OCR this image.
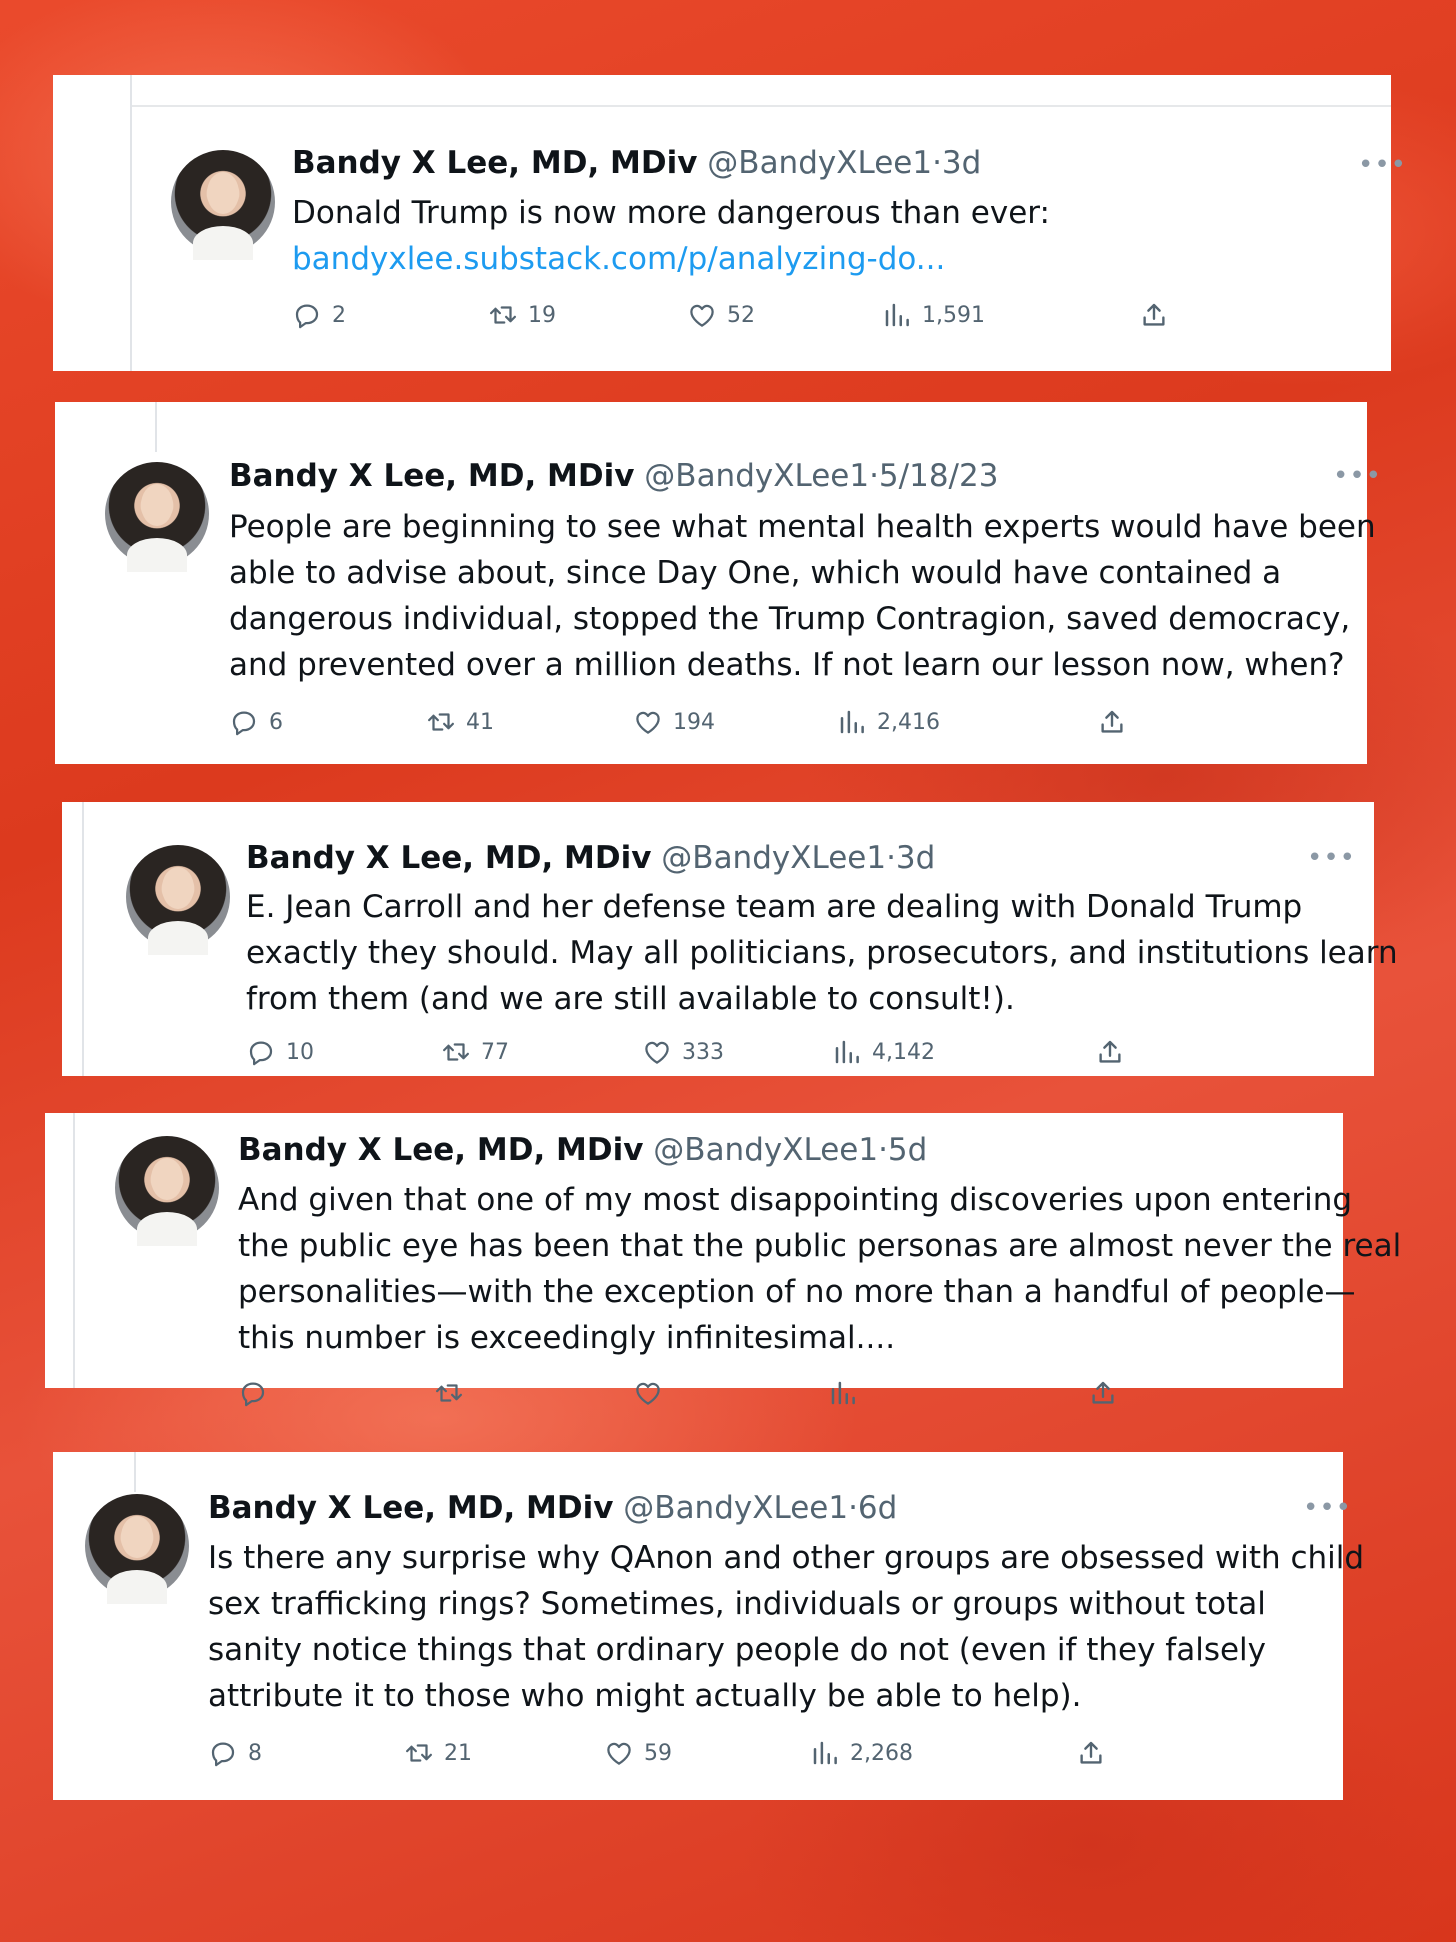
Bandy X Lee, MD, MDiv @BandyXLee1·3d	•••
Donald Trump is now more dangerous than ever:
bandyxlee.substack.com/p/analyzing-do...
2	19	52	1,591
Bandy X Lee, MD, MDiv @BandyXLee1·5/18/23	•••
People are beginning to see what mental health experts would have been
able to advise about, since Day One, which would have contained a
dangerous individual, stopped the Trump Contragion, saved democracy,
and prevented over a million deaths. If not learn our lesson now, when?
6	41	194	2,416
Bandy X Lee, MD, MDiv @BandyXLee1·3d	•••
E. Jean Carroll and her defense team are dealing with Donald Trump
exactly they should. May all politicians, prosecutors, and institutions learn
from them (and we are still available to consult!).
10	77	333	4,142
Bandy X Lee, MD, MDiv @BandyXLee1·5d
And given that one of my most disappointing discoveries upon entering
the public eye has been that the public personas are almost never the real
personalities—with the exception of no more than a handful of people—
this number is exceedingly infinitesimal....
Bandy X Lee, MD, MDiv @BandyXLee1·6d	•••
Is there any surprise why QAnon and other groups are obsessed with child
sex trafficking rings? Sometimes, individuals or groups without total
sanity notice things that ordinary people do not (even if they falsely
attribute it to those who might actually be able to help).
8	21	59	2,268
